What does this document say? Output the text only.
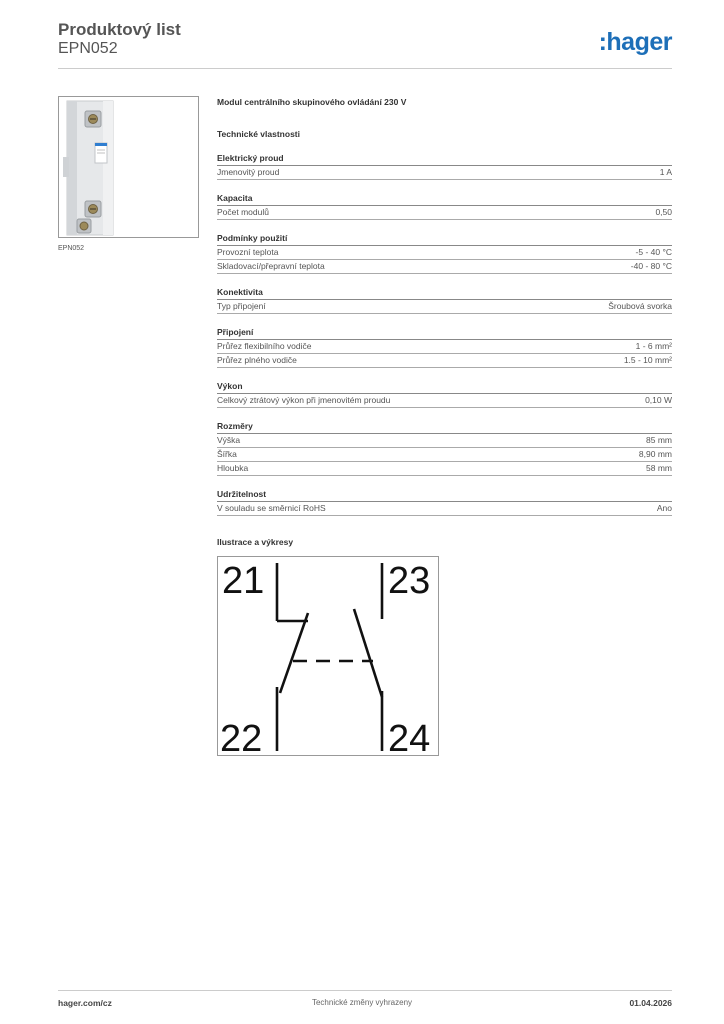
Produktový list
EPN052	:hager
EPN052
Modul centrálního skupinového ovládání 230 V
Technické vlastnosti
Elektrický proud
Jmenovitý proud	1 A
Kapacita
Počet modulů	0,50
Podmínky použití
Provozní teplota	-5 - 40 °C
Skladovací/přepravní teplota	-40 - 80 °C
Konektivita
Typ připojení	Šroubová svorka
Připojení
Průřez flexibilního vodiče	1 - 6 mm²
Průřez plného vodiče	1.5 - 10 mm²
Výkon
Celkový ztrátový výkon při jmenovitém proudu	0,10 W
Rozměry
Výška	85 mm
Šířka	8,90 mm
Hloubka	58 mm
Udržitelnost
V souladu se směrnicí RoHS	Ano
Ilustrace a výkresy
21
22
23
24
hager.com/cz	Technické změny vyhrazeny	01.04.2026
